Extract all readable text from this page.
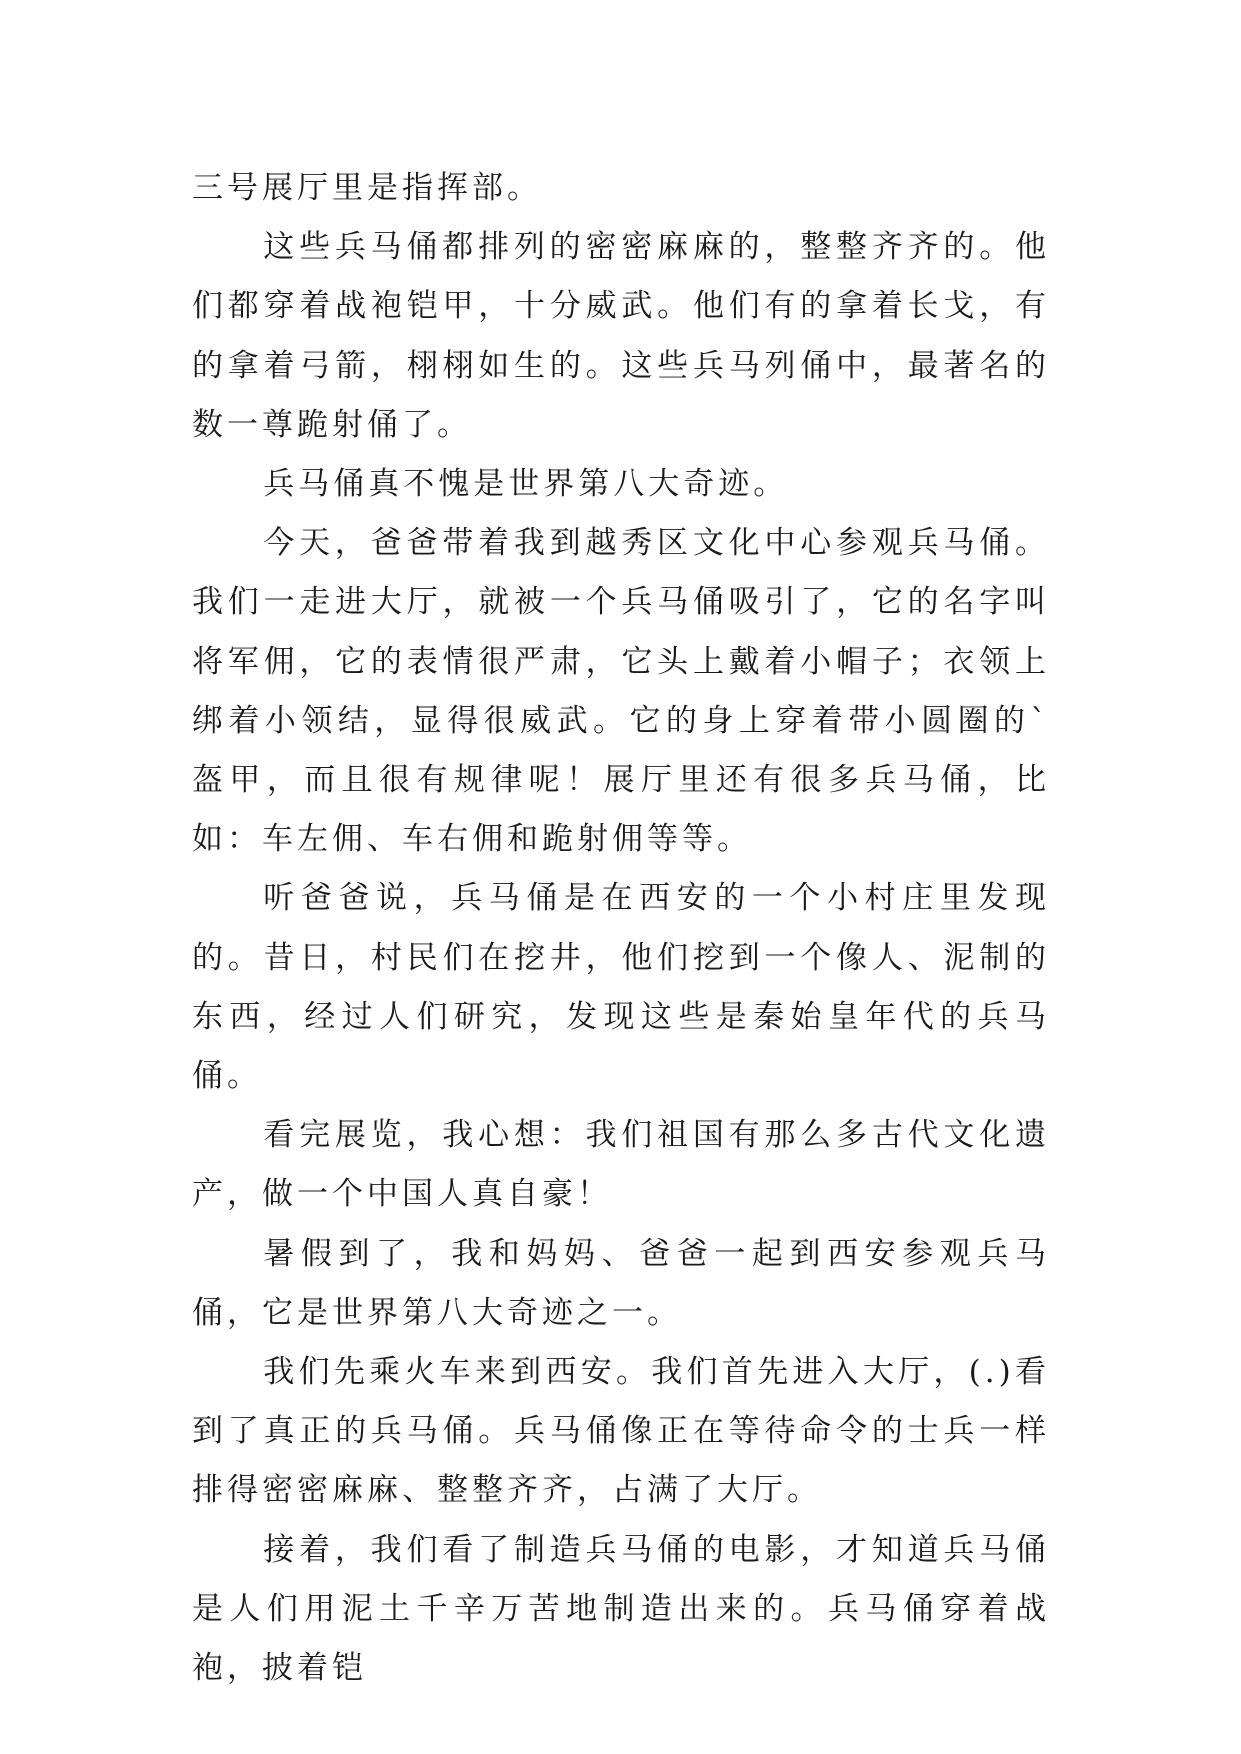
三号展厅里是指挥部。

这些兵马俑都排列的密密麻麻的，整整齐齐的。他们都穿着战袍铠甲，十分威武。他们有的拿着长戈，有的拿着弓箭，栩栩如生的。这些兵马列俑中，最著名的数一尊跪射俑了。

兵马俑真不愧是世界第八大奇迹。

今天，爸爸带着我到越秀区文化中心参观兵马俑。我们一走进大厅，就被一个兵马俑吸引了，它的名字叫将军佣，它的表情很严肃，它头上戴着小帽子；衣领上绑着小领结，显得很威武。它的身上穿着带小圆圈的`盔甲，而且很有规律呢！展厅里还有很多兵马俑，比如：车左佣、车右佣和跪射佣等等。

听爸爸说，兵马俑是在西安的一个小村庄里发现的。昔日，村民们在挖井，他们挖到一个像人、泥制的东西，经过人们研究，发现这些是秦始皇年代的兵马俑。

看完展览，我心想：我们祖国有那么多古代文化遗产，做一个中国人真自豪！

暑假到了，我和妈妈、爸爸一起到西安参观兵马俑，它是世界第八大奇迹之一。

我们先乘火车来到西安。我们首先进入大厅，(.)看到了真正的兵马俑。兵马俑像正在等待命令的士兵一样排得密密麻麻、整整齐齐，占满了大厅。

接着，我们看了制造兵马俑的电影，才知道兵马俑是人们用泥土千辛万苦地制造出来的。兵马俑穿着战袍，披着铠
